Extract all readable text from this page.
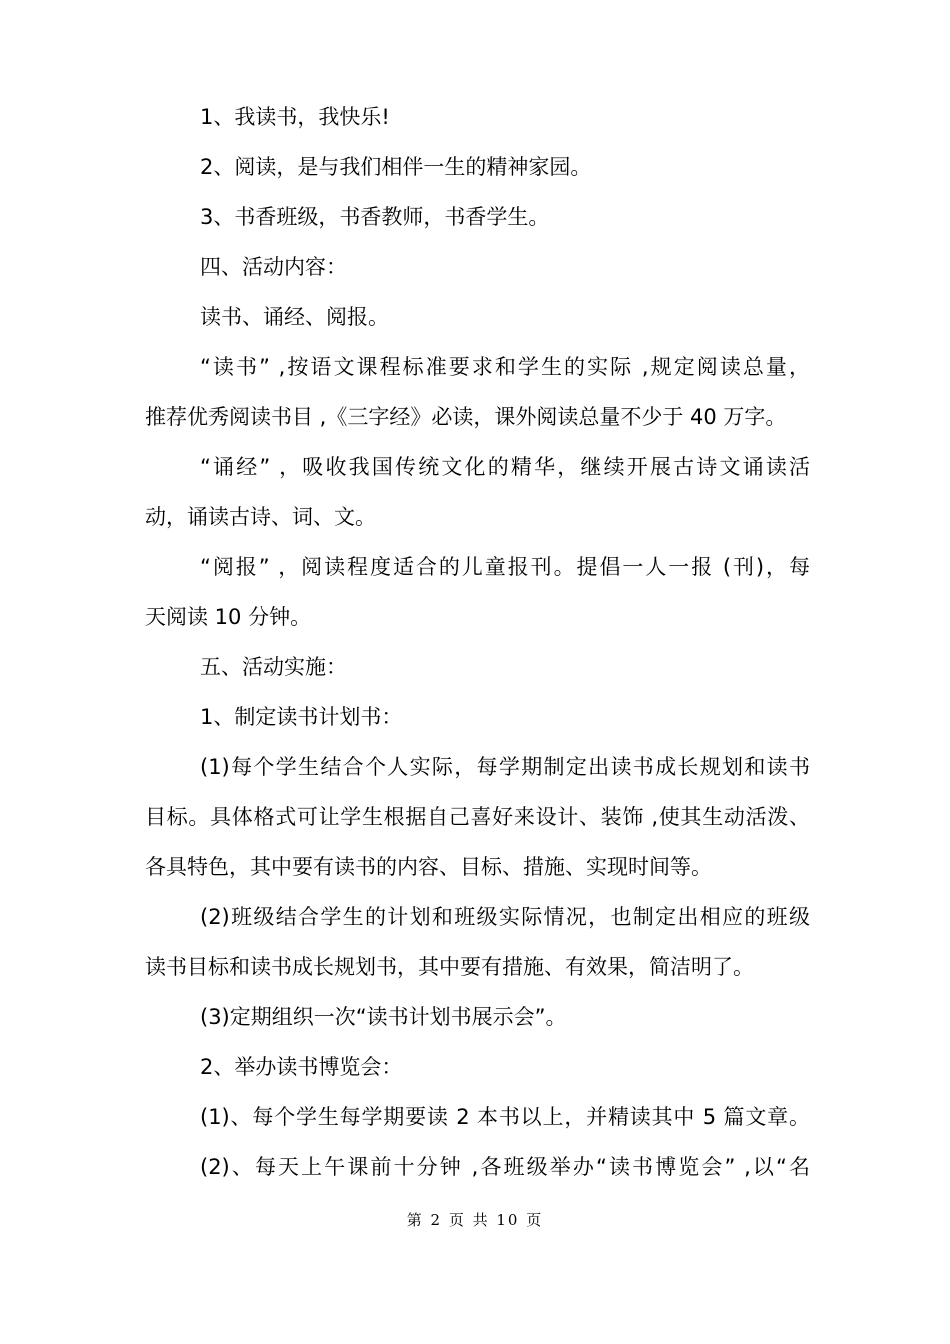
1、我读书，我快乐!
2、阅读，是与我们相伴一生的精神家园。
3、书香班级，书香教师，书香学生。
四、活动内容：
读书、诵经、阅报。
“读书” ,按语文课程标准要求和学生的实际 ,规定阅读总量，
推荐优秀阅读书目 ,《三字经》必读，课外阅读总量不少于 40 万字。
“诵经” ，吸收我国传统文化的精华，继续开展古诗文诵读活
动，诵读古诗、词、文。
“阅报” ，阅读程度适合的儿童报刊。提倡一人一报 (刊)，每
天阅读 10 分钟。
五、活动实施：
1、制定读书计划书：
(1)每个学生结合个人实际，每学期制定出读书成长规划和读书
目标。具体格式可让学生根据自己喜好来设计、装饰 ,使其生动活泼、
各具特色，其中要有读书的内容、目标、措施、实现时间等。
(2)班级结合学生的计划和班级实际情况，也制定出相应的班级
读书目标和读书成长规划书，其中要有措施、有效果，简洁明了。
(3)定期组织一次“读书计划书展示会”。
2、举办读书博览会：
(1)、每个学生每学期要读 2 本书以上，并精读其中 5 篇文章。
(2)、每天上午课前十分钟 ,各班级举办“读书博览会” ,以“名
第 2 页 共 10 页
